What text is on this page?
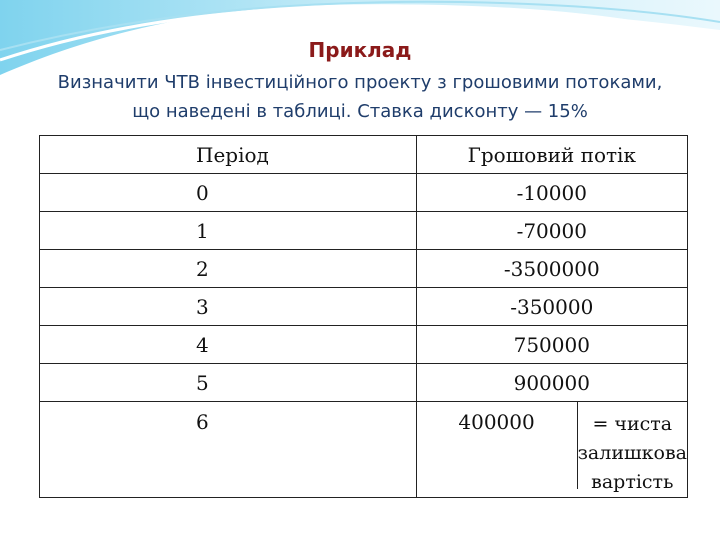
Приклад
Визначити ЧТВ інвестиційного проекту з грошовими потоками,
що наведені в таблиці. Ставка дисконту — 15%
Період	Грошовий потік
0	-10000
1	-70000
2	-3500000
3	-350000
4	750000
5	900000
6	400000 = чиста
залишкова
вартість
